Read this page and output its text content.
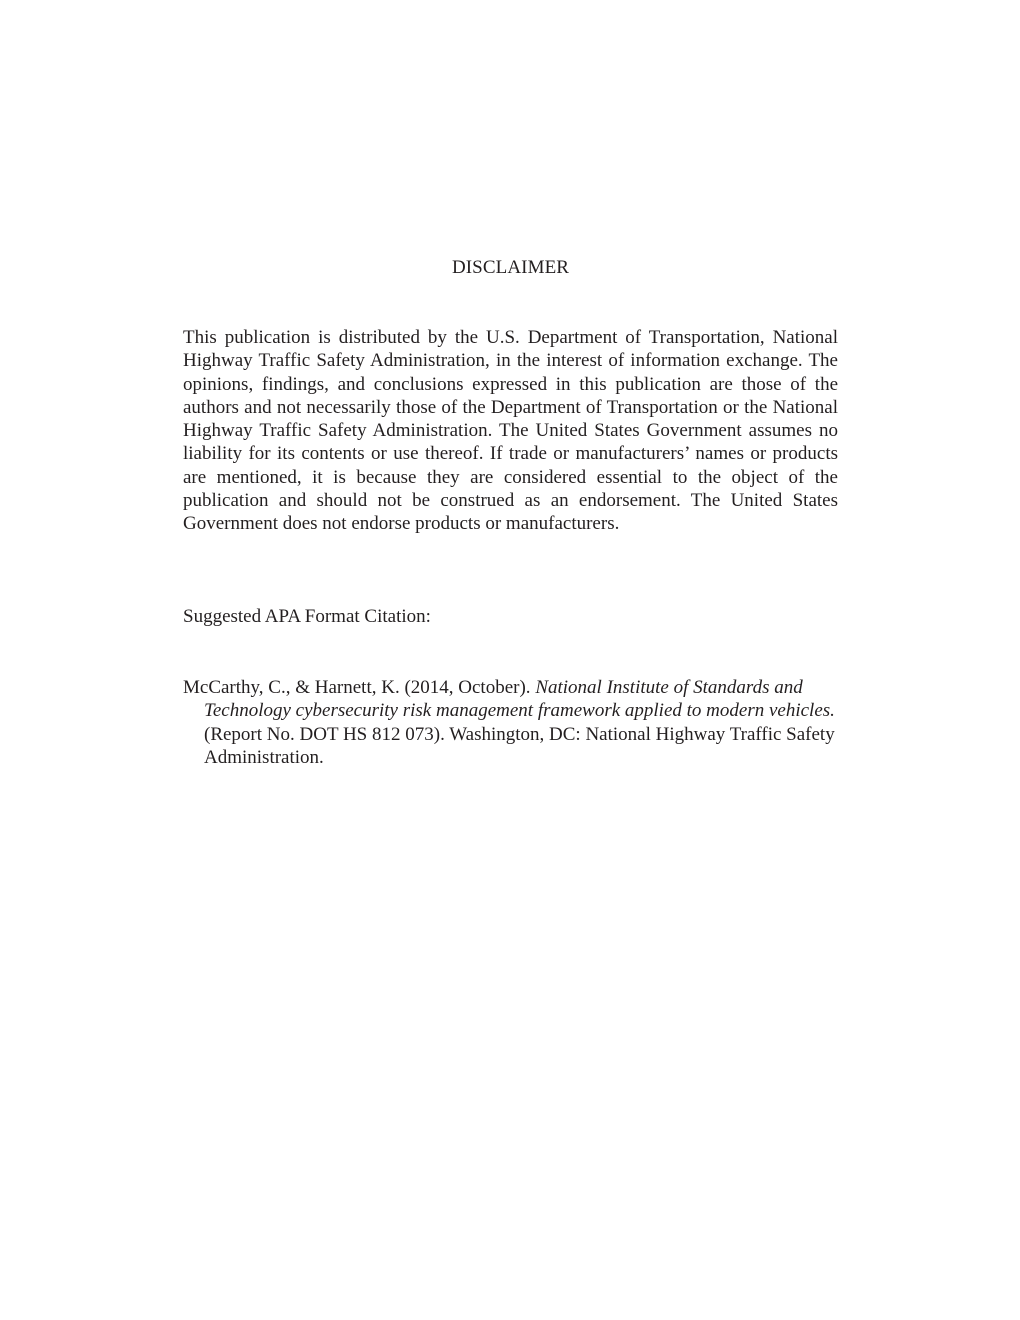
DISCLAIMER

This publication is distributed by the U.S. Department of Transportation, National Highway Traffic Safety Administration, in the interest of information exchange. The opinions, findings, and conclusions expressed in this publication are those of the authors and not necessarily those of the Department of Transportation or the National Highway Traffic Safety Administration. The United States Government assumes no liability for its contents or use thereof. If trade or manufacturers’ names or products are mentioned, it is because they are considered essential to the object of the publication and should not be construed as an endorsement. The United States Government does not endorse products or manufacturers.

Suggested APA Format Citation:

McCarthy, C., & Harnett, K. (2014, October). National Institute of Standards and Technology cybersecurity risk management framework applied to modern vehicles. (Report No. DOT HS 812 073). Washington, DC: National Highway Traffic Safety Administration.
